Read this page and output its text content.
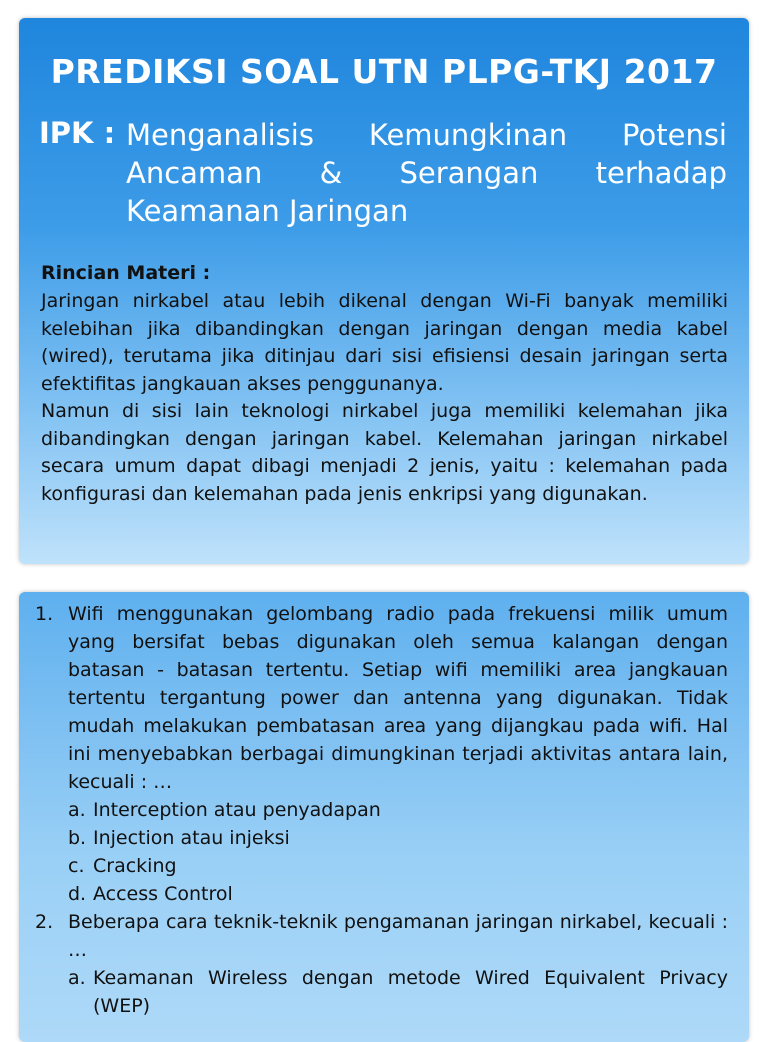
PREDIKSI SOAL UTN PLPG-TKJ 2017
IPK : Menganalisis Kemungkinan Potensi Ancaman & Serangan terhadap Keamanan Jaringan
Rincian Materi :

Jaringan nirkabel atau lebih dikenal dengan Wi-Fi banyak memiliki kelebihan jika dibandingkan dengan jaringan dengan media kabel (wired), terutama jika ditinjau dari sisi efisiensi desain jaringan serta efektifitas jangkauan akses penggunanya.

Namun di sisi lain teknologi nirkabel juga memiliki kelemahan jika dibandingkan dengan jaringan kabel. Kelemahan jaringan nirkabel secara umum dapat dibagi menjadi 2 jenis, yaitu : kelemahan pada konfigurasi dan kelemahan pada jenis enkripsi yang digunakan.

1. Wifi menggunakan gelombang radio pada frekuensi milik umum yang bersifat bebas digunakan oleh semua kalangan dengan batasan - batasan tertentu. Setiap wifi memiliki area jangkauan tertentu tergantung power dan antenna yang digunakan. Tidak mudah melakukan pembatasan area yang dijangkau pada wifi. Hal ini menyebabkan berbagai dimungkinan terjadi aktivitas antara lain, kecuali : …
a. Interception atau penyadapan
b. Injection atau injeksi
c. Cracking
d. Access Control
2. Beberapa cara teknik-teknik pengamanan jaringan nirkabel, kecuali : …
a. Keamanan Wireless dengan metode Wired Equivalent Privacy (WEP)
